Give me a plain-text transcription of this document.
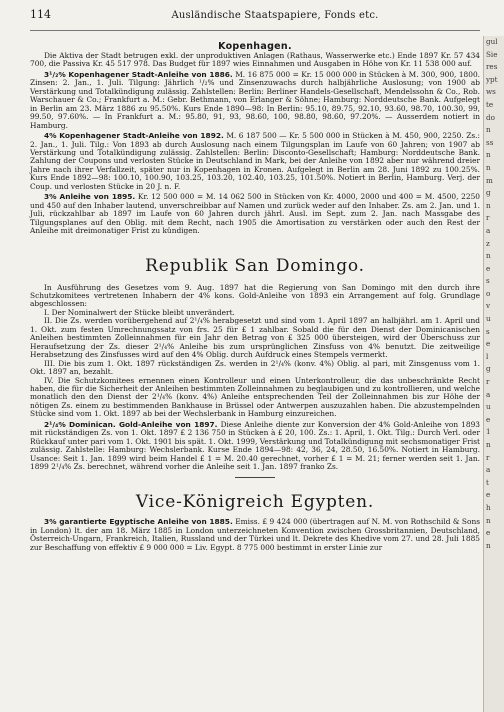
114	Ausländische Staatspapiere, Fonds etc.
Kopenhagen.

Die Aktiva der Stadt betrugen exkl. der unproduktiven Anlagen (Rathaus, Wasserwerke etc.) Ende 1897 Kr. 57 434 700, die Passiva Kr. 45 517 978. Das Budget für 1897 wies Einnahmen und Ausgaben in Höhe von Kr. 11 538 000 auf.

3¹/₂% Kopenhagener Stadt-Anleihe von 1886. M. 16 875 000 = Kr. 15 000 000 in Stücken à M. 300, 900, 1800. Zinsen: 2. Jan., 1. Juli. Tilgung: Jährlich ¹/₂% und Zinsenzuwachs durch halbjährliche Auslosung; von 1900 ab Verstärkung und Totalkündigung zulässig. Zahlstellen: Berlin: Berliner Handels-Gesellschaft, Mendelssohn & Co., Rob. Warschauer & Co.; Frankfurt a. M.: Gebr. Bethmann, von Erlanger & Söhne; Hamburg: Norddeutsche Bank. Aufgelegt in Berlin am 23. März 1886 zu 95.50%. Kurs Ende 1890—98: In Berlin: 95.10, 89.75, 92.10, 93.60, 98.70, 100.30, 99, 99.50, 97.60%. — In Frankfurt a. M.: 95.80, 91, 93, 98.60, 100, 98.80, 98.60, 97.20%. — Ausserdem notiert in Hamburg.

4% Kopenhagener Stadt-Anleihe von 1892. M. 6 187 500 — Kr. 5 500 000 in Stücken à M. 450, 900, 2250. Zs.: 2. Jan., 1. Juli. Tilg.: Von 1893 ab durch Auslosung nach einem Tilgungsplan im Laufe von 60 Jahren; von 1907 ab Verstärkung und Totalkündigung zulässig. Zahlstellen: Berlin: Disconto-Gesellschaft; Hamburg: Norddeutsche Bank. Zahlung der Coupons und verlosten Stücke in Deutschland in Mark, bei der Anleihe von 1892 aber nur während dreier Jahre nach ihrer Verfallzeit, später nur in Kopenhagen in Kronen. Aufgelegt in Berlin am 28. Juni 1892 zu 100.25%. Kurs Ende 1892—98: 100.10, 100.90, 103.25, 103.20, 102.40, 103.25, 101.50%. Notiert in Berlin, Hamburg. Verj. der Coup. und verlosten Stücke in 20 J. n. F.

3% Anleihe von 1895. Kr. 12 500 000 = M. 14 062 500 in Stücken von Kr. 4000, 2000 und 400 = M. 4500, 2250 und 450 auf den Inhaber lautend, unverschreibbar auf Namen und zurück weder auf den Inhaber. Zs. am 2. Jan. und 1. Juli, rückzahlbar ab 1897 im Laufe von 60 Jahren durch jährl. Ausl. im Sept. zum 2. Jan. nach Massgabe des Tilgungsplanes auf den Oblig. mit dem Recht, nach 1905 die Amortisation zu verstärken oder auch den Rest der Anleihe mit dreimonatiger Frist zu kündigen.

Republik San Domingo.

In Ausführung des Gesetzes vom 9. Aug. 1897 hat die Regierung von San Domingo mit den durch ihre Schutzkomitees vertretenen Inhabern der 4% kons. Gold-Anleihe von 1893 ein Arrangement auf folg. Grundlage abgeschlossen:

I. Der Nominalwert der Stücke bleibt unverändert.

II. Die Zs. werden vorübergehend auf 2¹/₄% herabgesetzt und sind vom 1. April 1897 an halbjährl. am 1. April und 1. Okt. zum festen Umrechnungssatz von frs. 25 für £ 1 zahlbar. Sobald die für den Dienst der Dominicanischen Anleihen bestimmten Zolleinnahmen für ein Jahr den Betrag von £ 325 000 übersteigen, wird der Überschuss zur Heraufsetzung der Zs. dieser 2¹/₄% Anleihe bis zum ursprünglichen Zinsfuss von 4% benutzt. Die zeitweilige Herabsetzung des Zinsfusses wird auf den 4% Oblig. durch Aufdruck eines Stempels vermerkt.

III. Die bis zum 1. Okt. 1897 rückständigen Zs. werden in 2¹/₄% (konv. 4%) Oblig. al pari, mit Zinsgenuss vom 1. Okt. 1897 an, bezahlt.

IV. Die Schutzkomitees ernennen einen Kontrolleur und einen Unterkontrolleur, die das unbeschränkte Recht haben, die für die Sicherheit der Anleihen bestimmten Zolleinnahmen zu beglaubigen und zu kontrollieren, und welche monatlich den den Dienst der 2¹/₄% (konv. 4%) Anleihe entsprechenden Teil der Zolleinnahmen bis zur Höhe der nötigen Zs. einem zu bestimmenden Bankhause in Brüssel oder Antwerpen auszuzahlen haben. Die abzustempelnden Stücke sind vom 1. Okt. 1897 ab bei der Wechslerbank in Hamburg einzureichen.

2¹/₄% Dominican. Gold-Anleihe von 1897. Diese Anleihe diente zur Konversion der 4% Gold-Anleihe von 1893 mit rückständigen Zs. von 1. Okt. 1897 £ 2 136 750 in Stücken à £ 20, 100. Zs.: 1. April, 1. Okt. Tilg.: Durch Verl. oder Rückkauf unter pari vom 1. Okt. 1901 bis spät. 1. Okt. 1999, Verstärkung und Totalkündigung mit sechsmonatiger Frist zulässig. Zahlstelle: Hamburg: Wechslerbank. Kurse Ende 1894—98: 42, 36, 24, 28.50, 16.50%. Notiert in Hamburg. Usance: Seit 1. Jan. 1899 wird beim Handel £ 1 = M. 20.40 gerechnet, vorher £ 1 = M. 21; ferner werden seit 1. Jan. 1899 2¹/₄% Zs. berechnet, während vorher die Anleihe seit 1. Jan. 1897 franko Zs.

Vice-Königreich Egypten.

3% garantierte Egyptische Anleihe von 1885. Emiss. £ 9 424 000 (übertragen auf N. M. von Rothschild & Sons in London) lt. der am 18. März 1885 in London unterzeichneten Konvention zwischen Grossbritannien, Deutschland, Österreich-Ungarn, Frankreich, Italien, Russland und der Türkei und lt. Dekrete des Khedive vom 27. und 28. Juli 1885 zur Beschaffung von effektiv £ 9 000 000 = Liv. Egypt. 8 775 000 bestimmt in erster Linie zur

gul
Sie
res
ypt
ws
te
do
n
ss
n
n
m
g
n
r
a
z
n
e
s
o
v
u
s
e
l
g
r
a
u
e
1
n
r
a
t
e
h
n
e
n
